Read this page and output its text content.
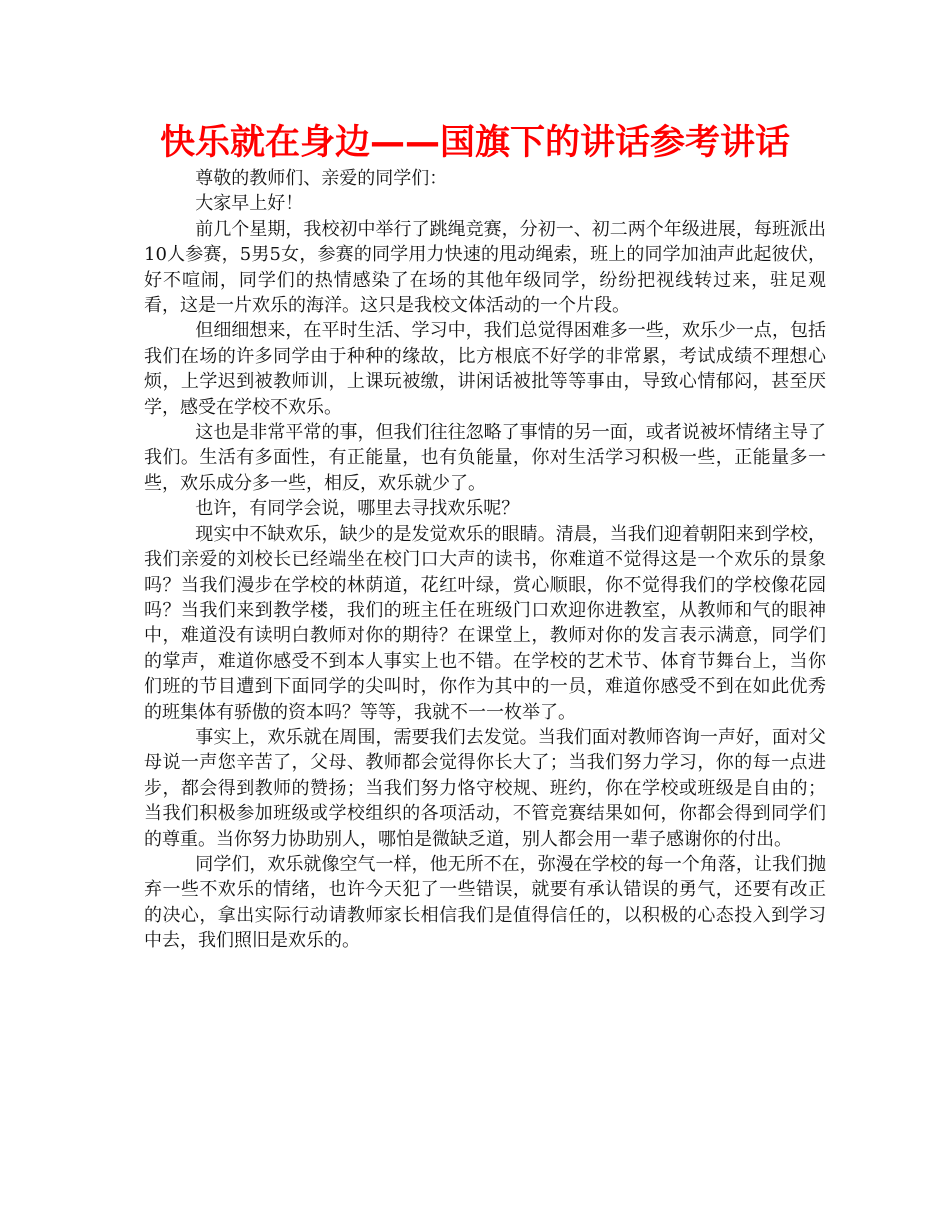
快乐就在身边——国旗下的讲话参考讲话

尊敬的教师们、亲爱的同学们：

大家早上好！

前几个星期，我校初中举行了跳绳竞赛，分初一、初二两个年级进展，每班派出10人参赛，5男5女，参赛的同学用力快速的甩动绳索，班上的同学加油声此起彼伏，好不喧闹，同学们的热情感染了在场的其他年级同学，纷纷把视线转过来，驻足观看，这是一片欢乐的海洋。这只是我校文体活动的一个片段。

但细细想来，在平时生活、学习中，我们总觉得困难多一些，欢乐少一点，包括我们在场的许多同学由于种种的缘故，比方根底不好学的非常累，考试成绩不理想心烦，上学迟到被教师训，上课玩被缴，讲闲话被批等等事由，导致心情郁闷，甚至厌学，感受在学校不欢乐。

这也是非常平常的事，但我们往往忽略了事情的另一面，或者说被坏情绪主导了我们。生活有多面性，有正能量，也有负能量，你对生活学习积极一些，正能量多一些，欢乐成分多一些，相反，欢乐就少了。

也许，有同学会说，哪里去寻找欢乐呢？

现实中不缺欢乐，缺少的是发觉欢乐的眼睛。清晨，当我们迎着朝阳来到学校，我们亲爱的刘校长已经端坐在校门口大声的读书，你难道不觉得这是一个欢乐的景象吗？当我们漫步在学校的林荫道，花红叶绿，赏心顺眼，你不觉得我们的学校像花园吗？当我们来到教学楼，我们的班主任在班级门口欢迎你进教室，从教师和气的眼神中，难道没有读明白教师对你的期待？在课堂上，教师对你的发言表示满意，同学们的掌声，难道你感受不到本人事实上也不错。在学校的艺术节、体育节舞台上，当你们班的节目遭到下面同学的尖叫时，你作为其中的一员，难道你感受不到在如此优秀的班集体有骄傲的资本吗？等等，我就不一一枚举了。

事实上，欢乐就在周围，需要我们去发觉。当我们面对教师咨询一声好，面对父母说一声您辛苦了，父母、教师都会觉得你长大了；当我们努力学习，你的每一点进步，都会得到教师的赞扬；当我们努力恪守校规、班约，你在学校或班级是自由的；当我们积极参加班级或学校组织的各项活动，不管竞赛结果如何，你都会得到同学们的尊重。当你努力协助别人，哪怕是微缺乏道，别人都会用一辈子感谢你的付出。

同学们，欢乐就像空气一样，他无所不在，弥漫在学校的每一个角落，让我们抛弃一些不欢乐的情绪，也许今天犯了一些错误，就要有承认错误的勇气，还要有改正的决心，拿出实际行动请教师家长相信我们是值得信任的，以积极的心态投入到学习中去，我们照旧是欢乐的。
